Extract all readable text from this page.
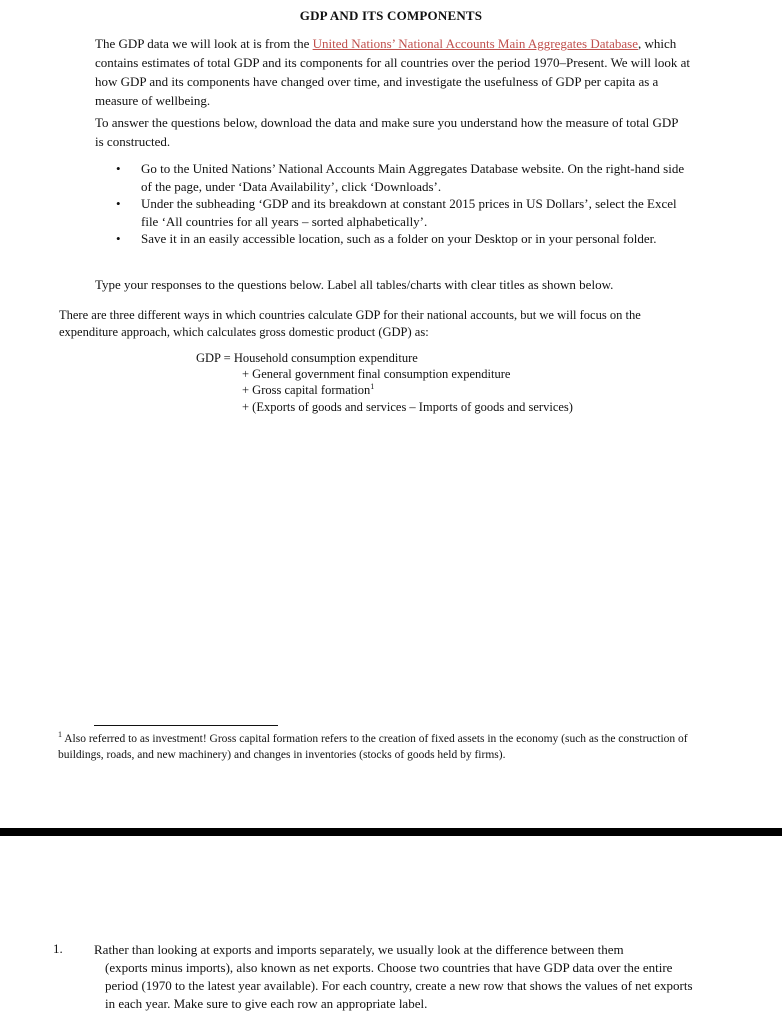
GDP AND ITS COMPONENTS
The GDP data we will look at is from the United Nations’ National Accounts Main Aggregates Database, which contains estimates of total GDP and its components for all countries over the period 1970–Present. We will look at how GDP and its components have changed over time, and investigate the usefulness of GDP per capita as a measure of wellbeing.
To answer the questions below, download the data and make sure you understand how the measure of total GDP is constructed.
• Go to the United Nations’ National Accounts Main Aggregates Database website. On the right-hand side of the page, under ‘Data Availability’, click ‘Downloads’.
• Under the subheading ‘GDP and its breakdown at constant 2015 prices in US Dollars’, select the Excel file ‘All countries for all years – sorted alphabetically’.
• Save it in an easily accessible location, such as a folder on your Desktop or in your personal folder.
Type your responses to the questions below. Label all tables/charts with clear titles as shown below.
There are three different ways in which countries calculate GDP for their national accounts, but we will focus on the expenditure approach, which calculates gross domestic product (GDP) as:
GDP = Household consumption expenditure
+ General government final consumption expenditure
+ Gross capital formation$^1$
+ (Exports of goods and services – Imports of goods and services)
$^1$ Also referred to as investment! Gross capital formation refers to the creation of fixed assets in the economy (such as the construction of buildings, roads, and new machinery) and changes in inventories (stocks of goods held by firms).
1. Rather than looking at exports and imports separately, we usually look at the difference between them
(exports minus imports), also known as net exports. Choose two countries that have GDP data over the entire period (1970 to the latest year available). For each country, create a new row that shows the values of net exports in each year. Make sure to give each row an appropriate label.
